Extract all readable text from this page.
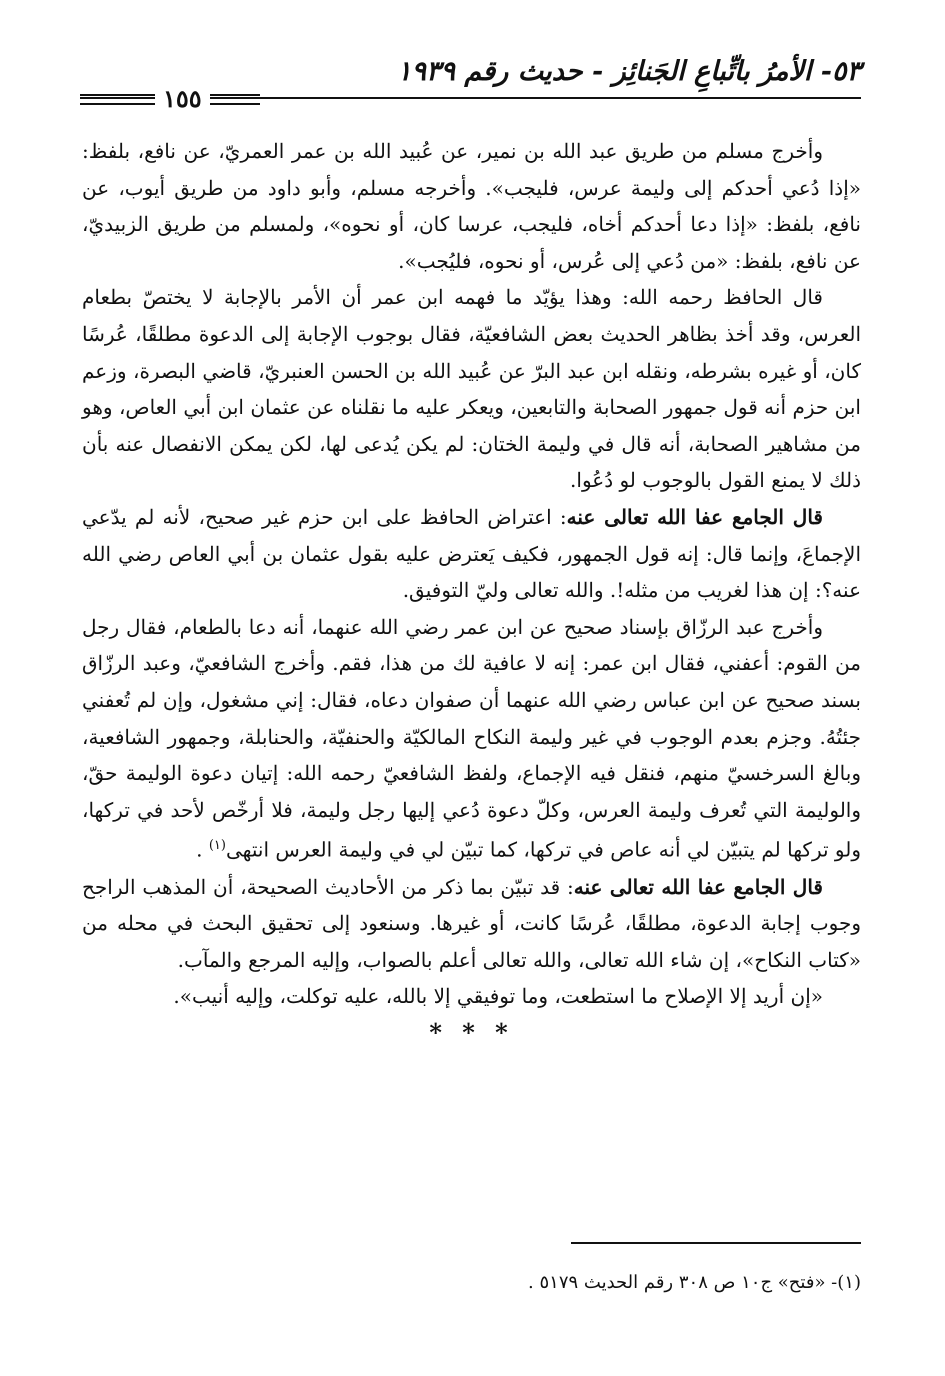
٥٣- الأمرُ باتِّباعِ الجَنائِز - حديث رقم ١٩٣٩
١٥٥

وأخرج مسلم من طريق عبد الله بن نمير، عن عُبيد الله بن عمر العمريّ، عن نافع، بلفظ: «إذا دُعي أحدكم إلى وليمة عرس، فليجب». وأخرجه مسلم، وأبو داود من طريق أيوب، عن نافع، بلفظ: «إذا دعا أحدكم أخاه، فليجب، عرسا كان، أو نحوه»، ولمسلم من طريق الزبيديّ، عن نافع، بلفظ: «من دُعي إلى عُرس، أو نحوه، فليُجب».

قال الحافظ رحمه الله: وهذا يؤيّد ما فهمه ابن عمر أن الأمر بالإجابة لا يختصّ بطعام العرس، وقد أخذ بظاهر الحديث بعض الشافعيّة، فقال بوجوب الإجابة إلى الدعوة مطلقًا، عُرسًا كان، أو غيره بشرطه، ونقله ابن عبد البرّ عن عُبيد الله بن الحسن العنبريّ، قاضي البصرة، وزعم ابن حزم أنه قول جمهور الصحابة والتابعين، ويعكر عليه ما نقلناه عن عثمان ابن أبي العاص، وهو من مشاهير الصحابة، أنه قال في وليمة الختان: لم يكن يُدعى لها، لكن يمكن الانفصال عنه بأن ذلك لا يمنع القول بالوجوب لو دُعُوا.

قال الجامع عفا الله تعالى عنه: اعتراض الحافظ على ابن حزم غير صحيح، لأنه لم يدّعي الإجماعَ، وإنما قال: إنه قول الجمهور، فكيف يَعترض عليه بقول عثمان بن أبي العاص رضي الله عنه؟: إن هذا لغريب من مثله!. والله تعالى وليّ التوفيق.

وأخرج عبد الرزّاق بإسناد صحيح عن ابن عمر رضي الله عنهما، أنه دعا بالطعام، فقال رجل من القوم: أعفني، فقال ابن عمر: إنه لا عافية لك من هذا، فقم. وأخرج الشافعيّ، وعبد الرزّاق بسند صحيح عن ابن عباس رضي الله عنهما أن صفوان دعاه، فقال: إني مشغول، وإن لم تُعفني جئتُهُ. وجزم بعدم الوجوب في غير وليمة النكاح المالكيّة والحنفيّة، والحنابلة، وجمهور الشافعية، وبالغ السرخسيّ منهم، فنقل فيه الإجماع، ولفظ الشافعيّ رحمه الله: إتيان دعوة الوليمة حقّ، والوليمة التي تُعرف وليمة العرس، وكلّ دعوة دُعي إليها رجل وليمة، فلا أرخّص لأحد في تركها، ولو تركها لم يتبيّن لي أنه عاص في تركها، كما تبيّن لي في وليمة العرس انتهى$^{(١)}$ .

قال الجامع عفا الله تعالى عنه: قد تبيّن بما ذكر من الأحاديث الصحيحة، أن المذهب الراجح وجوب إجابة الدعوة، مطلقًا، عُرسًا كانت، أو غيرها. وسنعود إلى تحقيق البحث في محله من «كتاب النكاح»، إن شاء الله تعالى، والله تعالى أعلم بالصواب، وإليه المرجع والمآب.

«إن أريد إلا الإصلاح ما استطعت، وما توفيقي إلا بالله، عليه توكلت، وإليه أنيب».

* * *
(١)- «فتح» ج١٠ ص ٣٠٨ رقم الحديث ٥١٧٩ .
